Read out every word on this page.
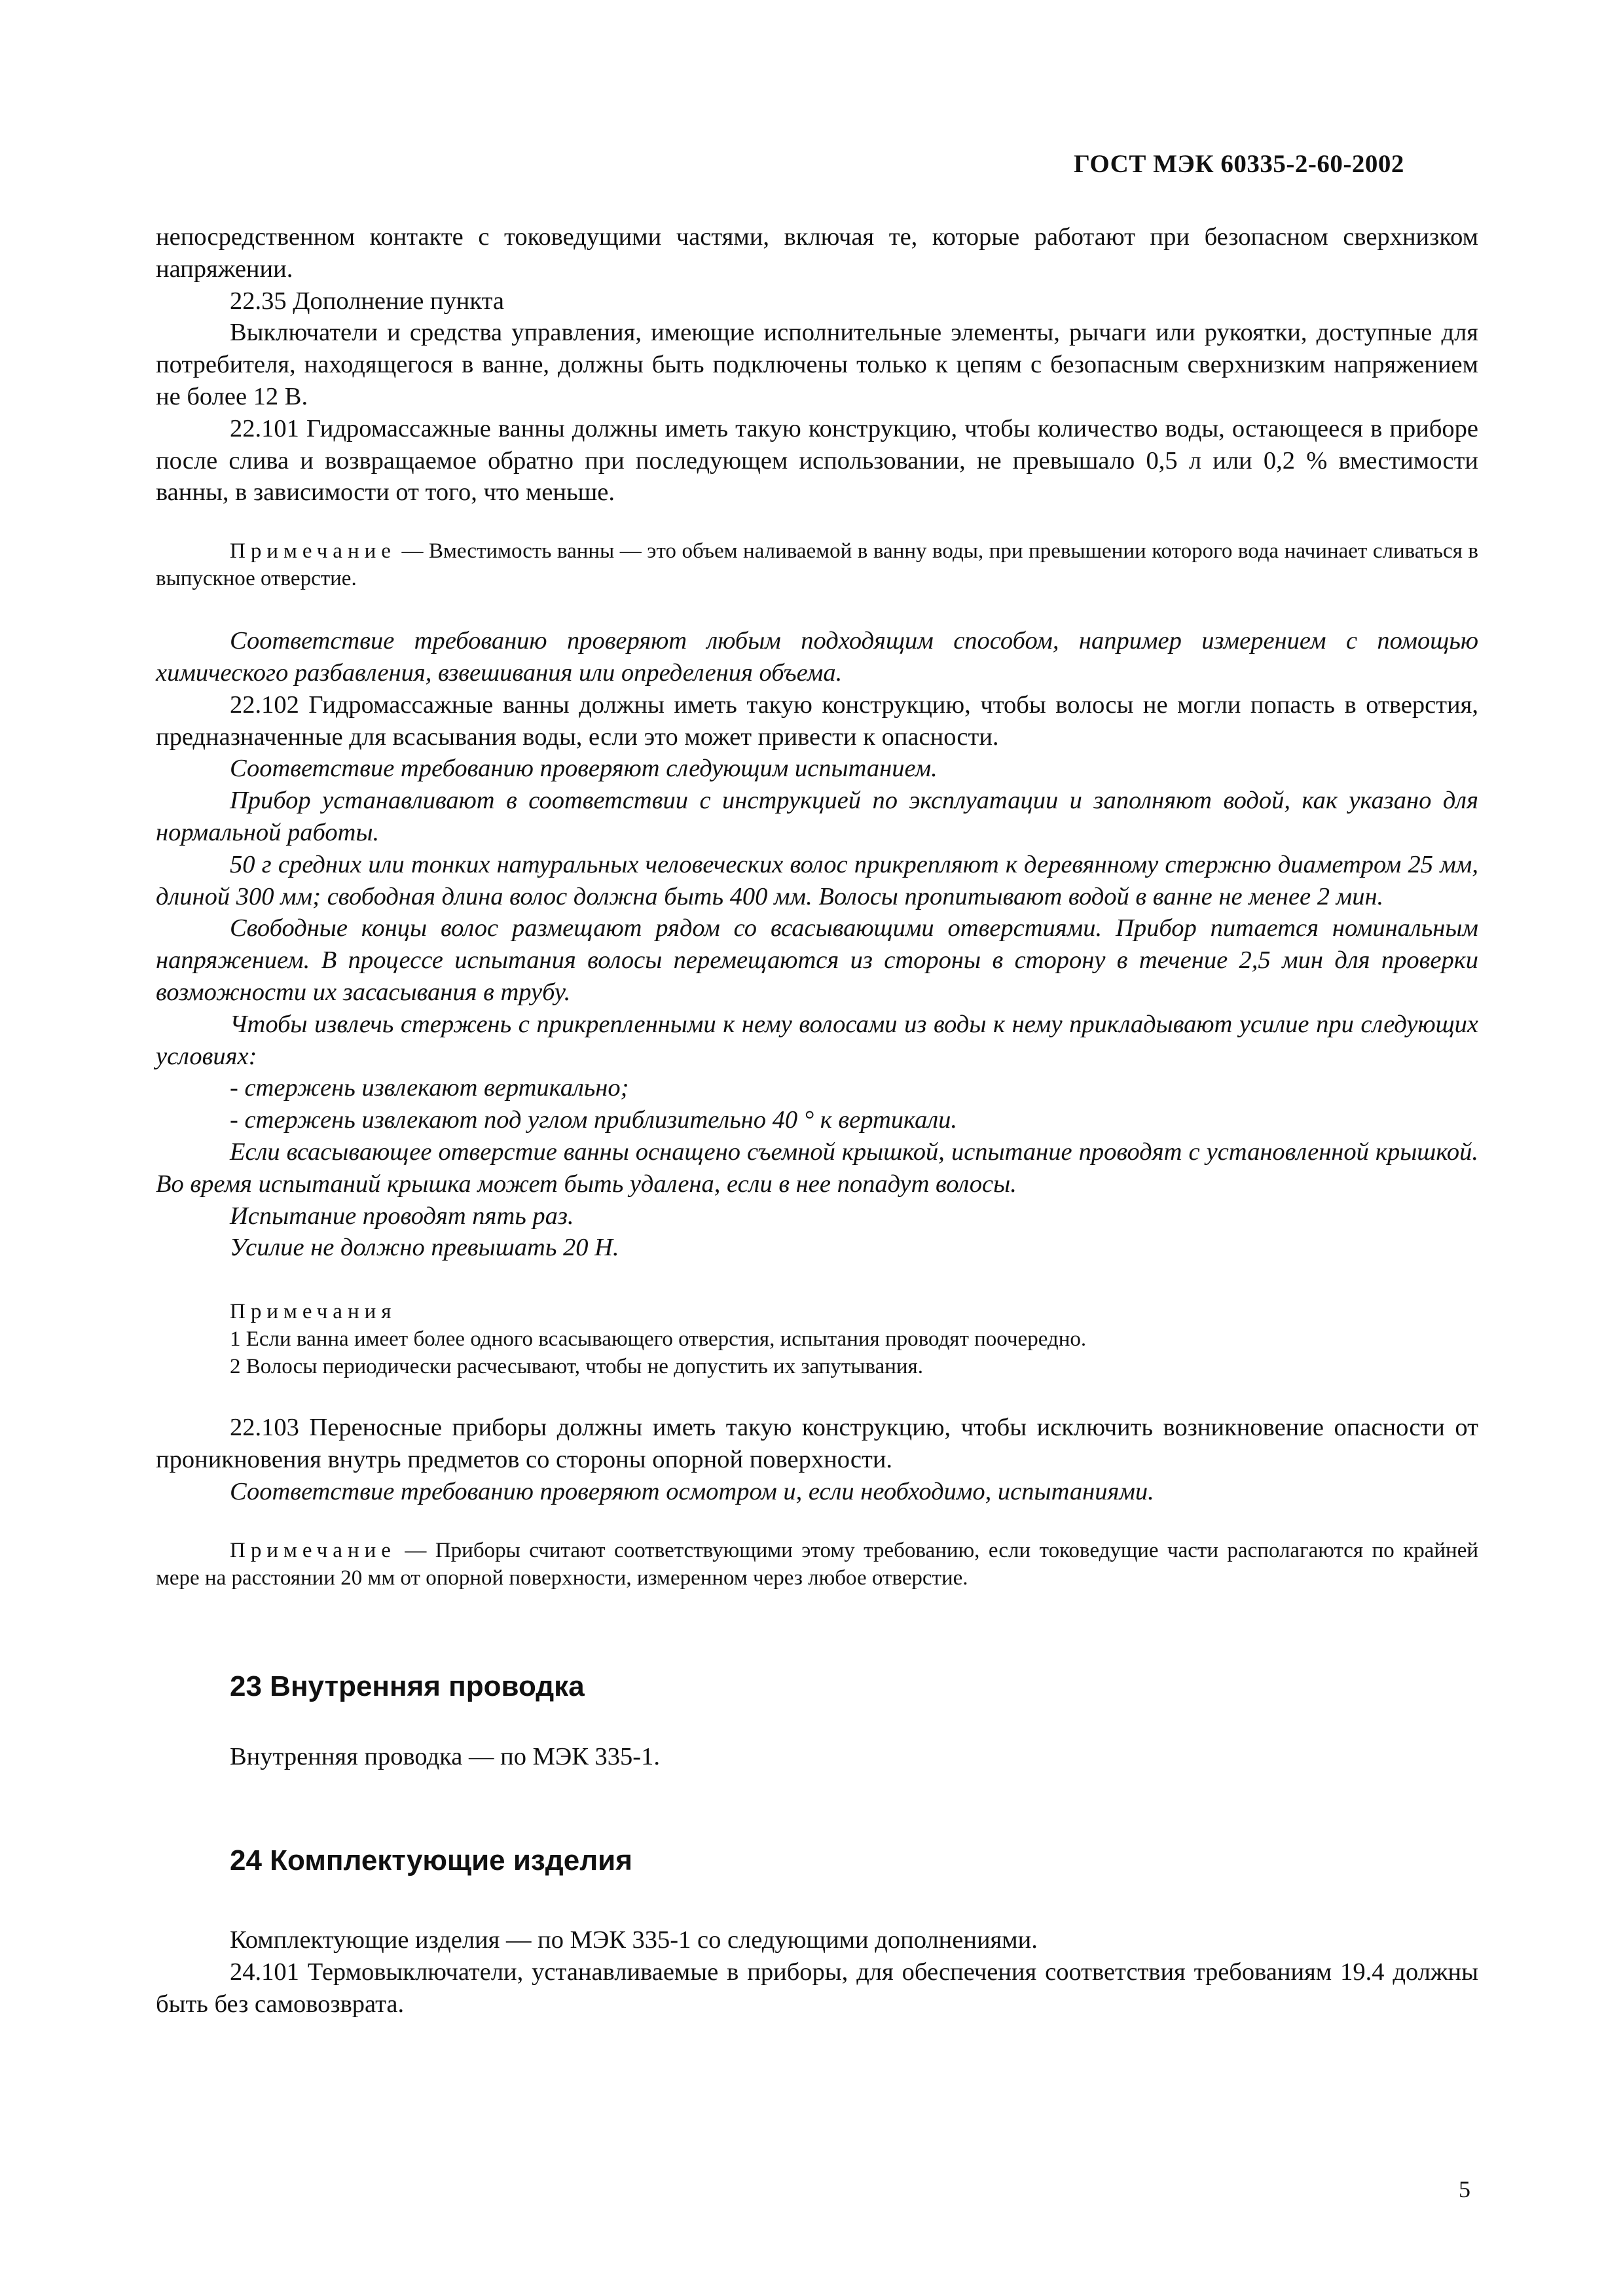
ГОСТ МЭК 60335-2-60-2002

непосредственном контакте с токоведущими частями, включая те, которые работают при безопасном сверхнизком напряжении.

22.35 Дополнение пункта

Выключатели и средства управления, имеющие исполнительные элементы, рычаги или рукоятки, доступные для потребителя, находящегося в ванне, должны быть подключены только к цепям с безопасным сверхнизким напряжением не более 12 В.

22.101 Гидромассажные ванны должны иметь такую конструкцию, чтобы количество воды, остающееся в приборе после слива и возвращаемое обратно при последующем использовании, не превышало 0,5 л или 0,2 % вместимости ванны, в зависимости от того, что меньше.

Примечание — Вместимость ванны — это объем наливаемой в ванну воды, при превышении которого вода начинает сливаться в выпускное отверстие.

Соответствие требованию проверяют любым подходящим способом, например измерением с помощью химического разбавления, взвешивания или определения объема.

22.102 Гидромассажные ванны должны иметь такую конструкцию, чтобы волосы не могли попасть в отверстия, предназначенные для всасывания воды, если это может привести к опасности.

Соответствие требованию проверяют следующим испытанием.

Прибор устанавливают в соответствии с инструкцией по эксплуатации и заполняют водой, как указано для нормальной работы.

50 г средних или тонких натуральных человеческих волос прикрепляют к деревянному стержню диаметром 25 мм, длиной 300 мм; свободная длина волос должна быть 400 мм. Волосы пропитывают водой в ванне не менее 2 мин.

Свободные концы волос размещают рядом со всасывающими отверстиями. Прибор питается номинальным напряжением. В процессе испытания волосы перемещаются из стороны в сторону в течение 2,5 мин для проверки возможности их засасывания в трубу.

Чтобы извлечь стержень с прикрепленными к нему волосами из воды к нему прикладывают усилие при следующих условиях:

- стержень извлекают вертикально;

- стержень извлекают под углом приблизительно 40 ° к вертикали.

Если всасывающее отверстие ванны оснащено съемной крышкой, испытание проводят с установленной крышкой. Во время испытаний крышка может быть удалена, если в нее попадут волосы.

Испытание проводят пять раз.

Усилие не должно превышать 20 Н.

Примечания

1 Если ванна имеет более одного всасывающего отверстия, испытания проводят поочередно.

2 Волосы периодически расчесывают, чтобы не допустить их запутывания.

22.103 Переносные приборы должны иметь такую конструкцию, чтобы исключить возникновение опасности от проникновения внутрь предметов со стороны опорной поверхности.

Соответствие требованию проверяют осмотром и, если необходимо, испытаниями.

Примечание — Приборы считают соответствующими этому требованию, если токоведущие части располагаются по крайней мере на расстоянии 20 мм от опорной поверхности, измеренном через любое отверстие.

23 Внутренняя проводка

Внутренняя проводка — по МЭК 335-1.

24 Комплектующие изделия

Комплектующие изделия — по МЭК 335-1 со следующими дополнениями.

24.101 Термовыключатели, устанавливаемые в приборы, для обеспечения соответствия требованиям 19.4 должны быть без самовозврата.

5
